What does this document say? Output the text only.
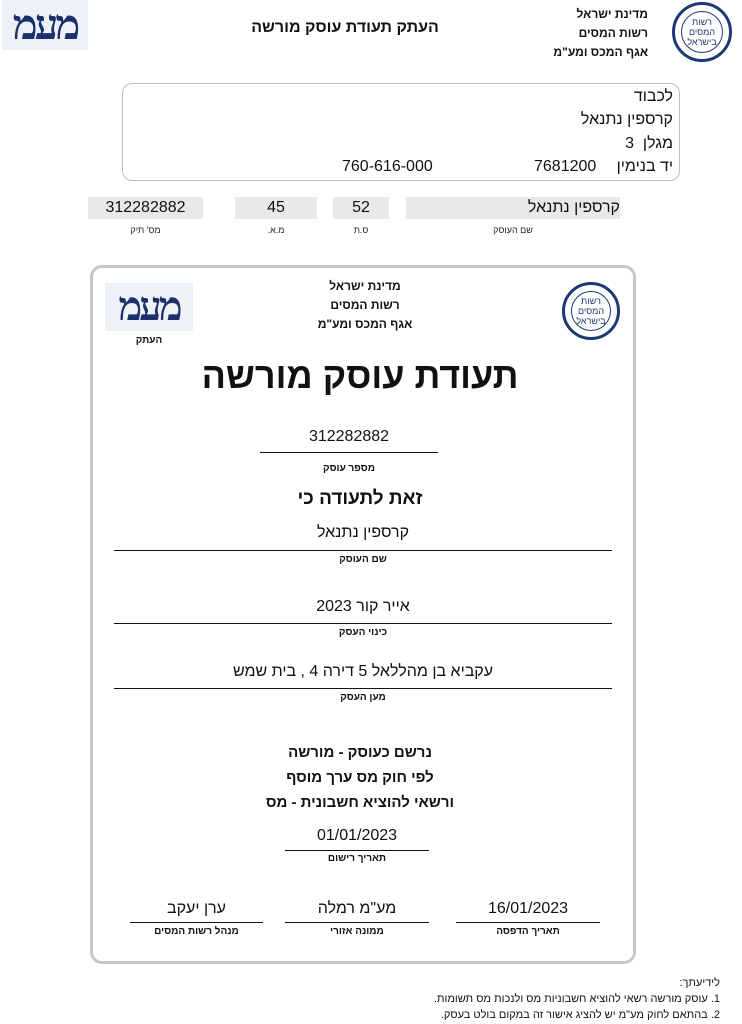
מעמ	העתק תעודת עוסק מורשה
מדינת ישראל
רשות המסים
אגף המכס ומע"מ
רשות המסים בישראל
לכבוד
קרספין נתנאל
מגלן  3
יד בנימין
7681200
760-616-000
קרספין נתנאל
שם העוסק
52
ס.ת
45
מ.א.
312282882
מס' תיק
מעמ
העתק
מדינת ישראל
רשות המסים
אגף המכס ומע"מ
רשות המסים בישראל
תעודת עוסק מורשה
312282882
מספר עוסק
זאת לתעודה כי
קרספין נתנאל
שם העוסק
אייר קור 2023
כינוי העסק
עקביא בן מהללאל 5 דירה 4 , בית שמש
מען העסק
נרשם כעוסק - מורשה
לפי חוק מס ערך מוסף
ורשאי להוציא חשבונית - מס
01/01/2023
תאריך רישום
16/01/2023
תאריך הדפסה
מע"מ רמלה
ממונה אזורי
ערן יעקב
מנהל רשות המסים
לידיעתך:
1. עוסק מורשה רשאי להוציא חשבוניות מס ולנכות מס תשומות.
2. בהתאם לחוק מע"מ יש להציג אישור זה במקום בולט בעסק.
